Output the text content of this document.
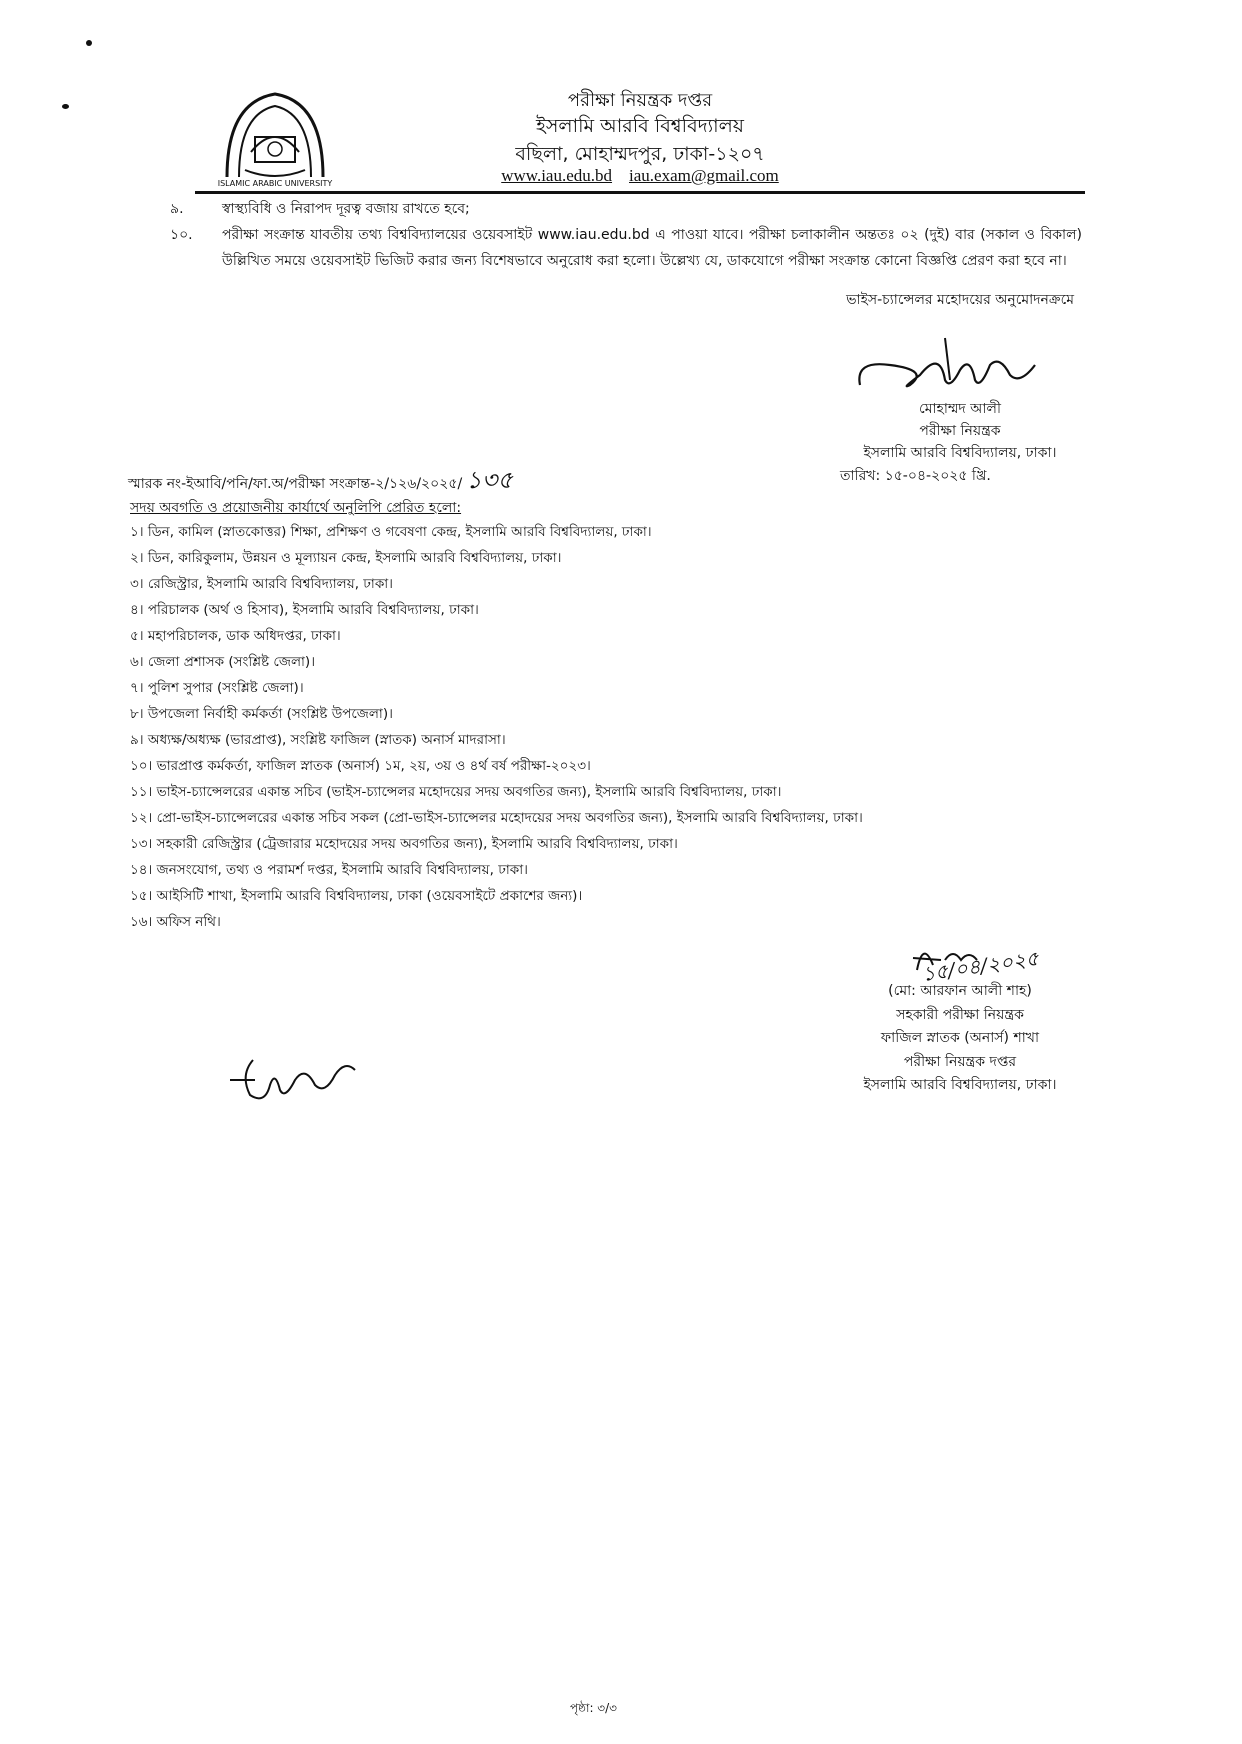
ISLAMIC ARABIC UNIVERSITY
পরীক্ষা নিয়ন্ত্রক দপ্তর
ইসলামি আরবি বিশ্ববিদ্যালয়
বছিলা, মোহাম্মদপুর, ঢাকা-১২০৭
www.iau.edu.bd iau.exam@gmail.com
৯.	স্বাস্থ্যবিধি ও নিরাপদ দূরত্ব বজায় রাখতে হবে;
১০.	পরীক্ষা সংক্রান্ত যাবতীয় তথ্য বিশ্ববিদ্যালয়ের ওয়েবসাইট www.iau.edu.bd এ পাওয়া যাবে। পরীক্ষা চলাকালীন অন্ততঃ ০২ (দুই) বার (সকাল ও বিকাল) উল্লিখিত সময়ে ওয়েবসাইট ভিজিট করার জন্য বিশেষভাবে অনুরোধ করা হলো। উল্লেখ্য যে, ডাকযোগে পরীক্ষা সংক্রান্ত কোনো বিজ্ঞপ্তি প্রেরণ করা হবে না।
ভাইস-চ্যান্সেলর মহোদয়ের অনুমোদনক্রমে
মোহাম্মদ আলী
পরীক্ষা নিয়ন্ত্রক
ইসলামি আরবি বিশ্ববিদ্যালয়, ঢাকা।
স্মারক নং-ইআবি/পনি/ফা.অ/পরীক্ষা সংক্রান্ত-২/১২৬/২০২৫/ ১৩৫	তারিখ: ১৫-০৪-২০২৫ খ্রি.
সদয় অবগতি ও প্রয়োজনীয় কার্যার্থে অনুলিপি প্রেরিত হলো:
১। ডিন, কামিল (স্নাতকোত্তর) শিক্ষা, প্রশিক্ষণ ও গবেষণা কেন্দ্র, ইসলামি আরবি বিশ্ববিদ্যালয়, ঢাকা।
২। ডিন, কারিকুলাম, উন্নয়ন ও মূল্যায়ন কেন্দ্র, ইসলামি আরবি বিশ্ববিদ্যালয়, ঢাকা।
৩। রেজিস্ট্রার, ইসলামি আরবি বিশ্ববিদ্যালয়, ঢাকা।
৪। পরিচালক (অর্থ ও হিসাব), ইসলামি আরবি বিশ্ববিদ্যালয়, ঢাকা।
৫। মহাপরিচালক, ডাক অধিদপ্তর, ঢাকা।
৬। জেলা প্রশাসক (সংশ্লিষ্ট জেলা)।
৭। পুলিশ সুপার (সংশ্লিষ্ট জেলা)।
৮। উপজেলা নির্বাহী কর্মকর্তা (সংশ্লিষ্ট উপজেলা)।
৯। অধ্যক্ষ/অধ্যক্ষ (ভারপ্রাপ্ত), সংশ্লিষ্ট ফাজিল (স্নাতক) অনার্স মাদরাসা।
১০। ভারপ্রাপ্ত কর্মকর্তা, ফাজিল স্নাতক (অনার্স) ১ম, ২য়, ৩য় ও ৪র্থ বর্ষ পরীক্ষা-২০২৩।
১১। ভাইস-চ্যান্সেলরের একান্ত সচিব (ভাইস-চ্যান্সেলর মহোদয়ের সদয় অবগতির জন্য), ইসলামি আরবি বিশ্ববিদ্যালয়, ঢাকা।
১২। প্রো-ভাইস-চ্যান্সেলরের একান্ত সচিব সকল (প্রো-ভাইস-চ্যান্সেলর মহোদয়ের সদয় অবগতির জন্য), ইসলামি আরবি বিশ্ববিদ্যালয়, ঢাকা।
১৩। সহকারী রেজিস্ট্রার (ট্রেজারার মহোদয়ের সদয় অবগতির জন্য), ইসলামি আরবি বিশ্ববিদ্যালয়, ঢাকা।
১৪। জনসংযোগ, তথ্য ও পরামর্শ দপ্তর, ইসলামি আরবি বিশ্ববিদ্যালয়, ঢাকা।
১৫। আইসিটি শাখা, ইসলামি আরবি বিশ্ববিদ্যালয়, ঢাকা (ওয়েবসাইটে প্রকাশের জন্য)।
১৬। অফিস নথি।
১৫/০৪/২০২৫
(মো: আরফান আলী শাহ)
সহকারী পরীক্ষা নিয়ন্ত্রক
ফাজিল স্নাতক (অনার্স) শাখা
পরীক্ষা নিয়ন্ত্রক দপ্তর
ইসলামি আরবি বিশ্ববিদ্যালয়, ঢাকা।
পৃষ্ঠা: ৩/৩
